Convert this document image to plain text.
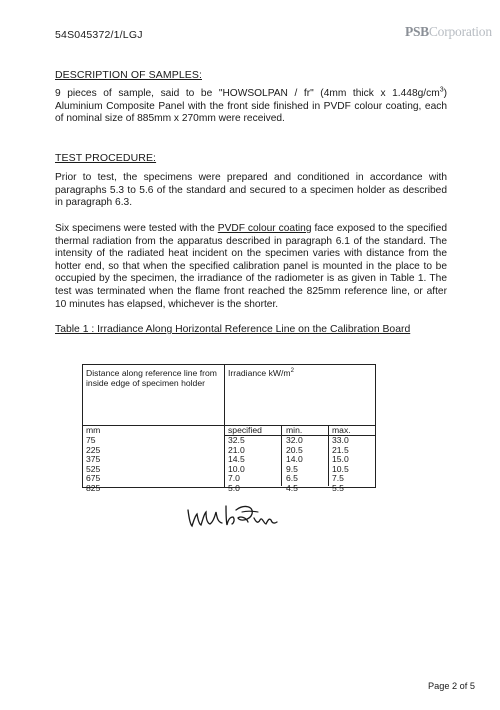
54S045372/1/LGJ	PSBCorporation
DESCRIPTION OF SAMPLES:
9 pieces of sample, said to be "HOWSOLPAN / fr" (4mm thick x $1.448g/cm^3$) Aluminium Composite Panel with the front side finished in PVDF colour coating, each of nominal size of 885mm x 270mm were received.
TEST PROCEDURE:
Prior to test, the specimens were prepared and conditioned in accordance with paragraphs 5.3 to 5.6 of the standard and secured to a specimen holder as described in paragraph 6.3.
Six specimens were tested with the PVDF colour coating face exposed to the specified thermal radiation from the apparatus described in paragraph 6.1 of the standard. The intensity of the radiated heat incident on the specimen varies with distance from the hotter end, so that when the specified calibration panel is mounted in the place to be occupied by the specimen, the irradiance of the radiometer is as given in Table 1. The test was terminated when the flame front reached the 825mm reference line, or after 10 minutes has elapsed, whichever is the shorter.
Table 1 : Irradiance Along Horizontal Reference Line on the Calibration Board
Distance along reference line from inside edge of specimen holder
Irradiance $kW/m^2$
mm	specified	min.	max.
75	32.5	32.0	33.0
225	21.0	20.5	21.5
375	14.5	14.0	15.0
525	10.0	9.5	10.5
675	7.0	6.5	7.5
825	5.0	4.5	5.5
Page 2 of 5
